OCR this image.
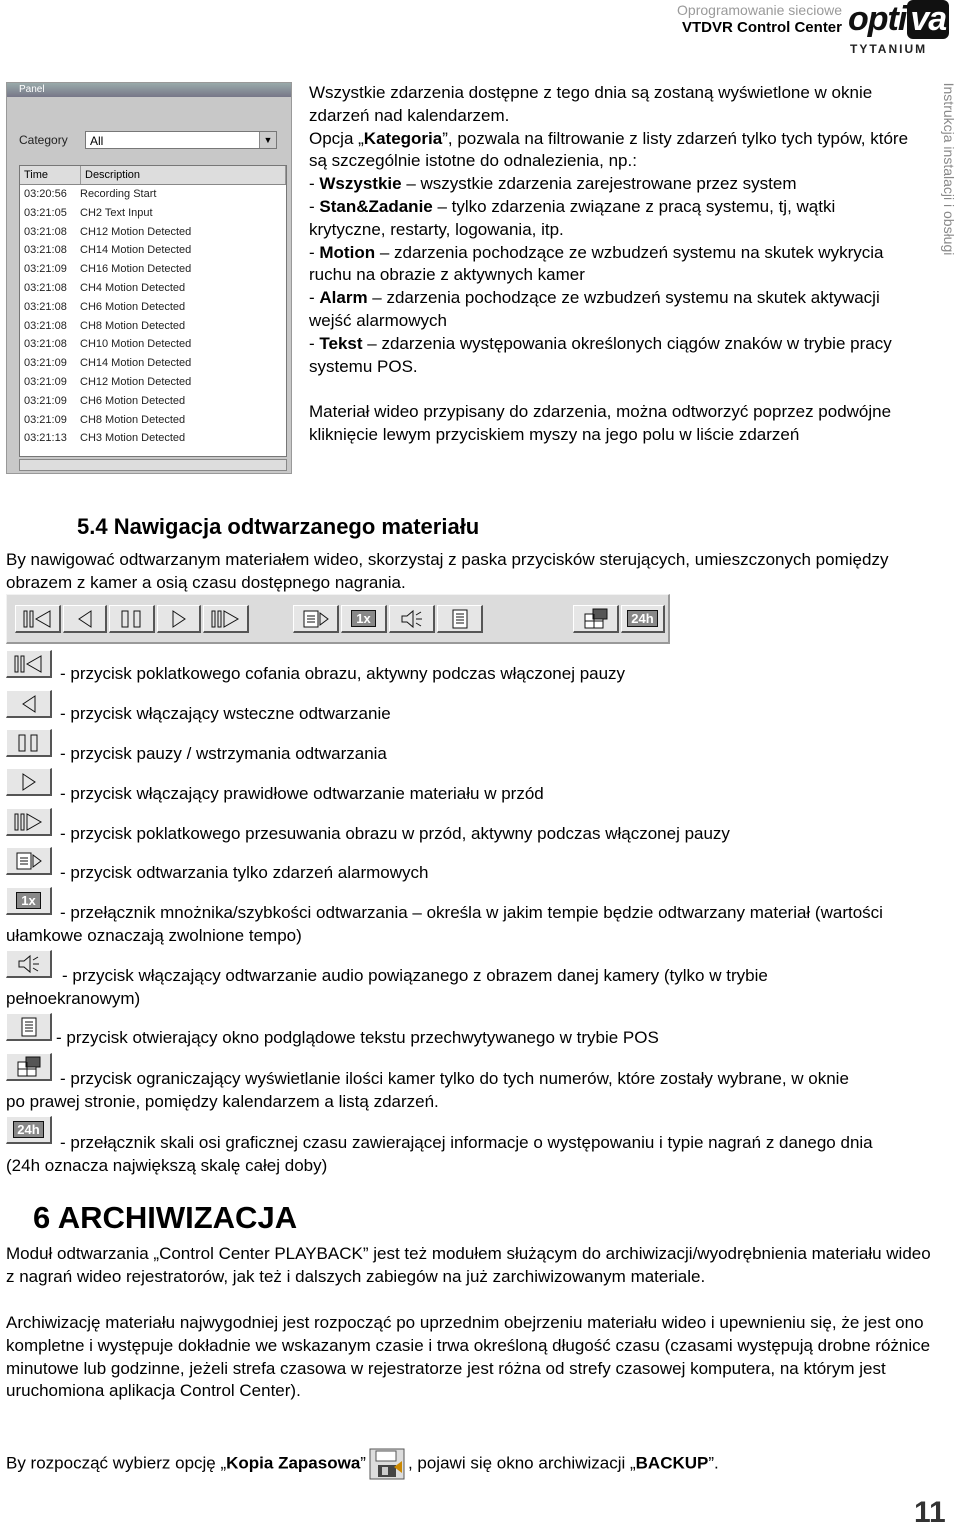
Oprogramowanie sieciowe
VTDVR Control Center opti va
TYTANIUM
Instrukcja instalacji i obsługi
Panel
Category	All	▼
Time	Description
03:20:56	Recording Start
03:21:05	CH2 Text Input
03:21:08	CH12 Motion Detected
03:21:08	CH14 Motion Detected
03:21:09	CH16 Motion Detected
03:21:08	CH4 Motion Detected
03:21:08	CH6 Motion Detected
03:21:08	CH8 Motion Detected
03:21:08	CH10 Motion Detected
03:21:09	CH14 Motion Detected
03:21:09	CH12 Motion Detected
03:21:09	CH6 Motion Detected
03:21:09	CH8 Motion Detected
03:21:13	CH3 Motion Detected

Wszystkie zdarzenia dostępne z tego dnia są zostaną wyświetlone w oknie zdarzeń nad kalendarzem.

Opcja „Kategoria”, pozwala na filtrowanie z listy zdarzeń tylko tych typów, które są szczególnie istotne do odnalezienia, np.:

- Wszystkie – wszystkie zdarzenia zarejestrowane przez system

- Stan&Zadanie – tylko zdarzenia związane z pracą systemu, tj, wątki krytyczne, restarty, logowania, itp.

- Motion – zdarzenia pochodzące ze wzbudzeń systemu na skutek wykrycia ruchu na obrazie z aktywnych kamer

- Alarm – zdarzenia pochodzące ze wzbudzeń systemu na skutek aktywacji wejść alarmowych

- Tekst – zdarzenia występowania określonych ciągów znaków w trybie pracy systemu POS.

Materiał wideo przypisany do zdarzenia, można odtworzyć poprzez podwójne kliknięcie lewym przyciskiem myszy na jego polu w liście zdarzeń
5.4 Nawigacja odtwarzanego materiału
By nawigować odtwarzanym materiałem wideo, skorzystaj z paska przycisków sterujących, umieszczonych pomiędzy obrazem z kamer a osią czasu dostępnego nagrania.
1x	24h
1x
24h
- przycisk poklatkowego cofania obrazu, aktywny podczas włączonej pauzy
- przycisk włączający wsteczne odtwarzanie
- przycisk pauzy / wstrzymania odtwarzania
- przycisk włączający prawidłowe odtwarzanie materiału w przód
- przycisk poklatkowego przesuwania obrazu w przód, aktywny podczas włączonej pauzy
- przycisk odtwarzania tylko zdarzeń alarmowych
- przełącznik mnożnika/szybkości odtwarzania – określa w jakim tempie będzie odtwarzany materiał (wartości ułamkowe oznaczają zwolnione tempo)
- przycisk włączający odtwarzanie audio powiązanego z obrazem danej kamery (tylko w trybie pełnoekranowym)
- przycisk otwierający okno podglądowe tekstu przechwytywanego w trybie POS
- przycisk ograniczający wyświetlanie ilości kamer tylko do tych numerów, które zostały wybrane, w oknie po prawej stronie, pomiędzy kalendarzem a listą zdarzeń.
- przełącznik skali osi graficznej czasu zawierającej informacje o występowaniu i typie nagrań z danego dnia (24h oznacza największą skalę całej doby)
6 ARCHIWIZACJA
Moduł odtwarzania „Control Center PLAYBACK” jest też modułem służącym do archiwizacji/wyodrębnienia materiału wideo z nagrań wideo rejestratorów, jak też i dalszych zabiegów na już zarchiwizowanym materiale.
Archiwizację materiału najwygodniej jest rozpocząć po uprzednim obejrzeniu materiału wideo i upewnieniu się, że jest ono kompletne i występuje dokładnie we wskazanym czasie i trwa określoną długość czasu (czasami występują drobne różnice minutowe lub godzinne, jeżeli strefa czasowa w rejestratorze jest różna od strefy czasowej komputera, na którym jest uruchomiona aplikacja Control Center).
By rozpocząć wybierz opcję „Kopia Zapasowa” , pojawi się okno archiwizacji „BACKUP”.
11
